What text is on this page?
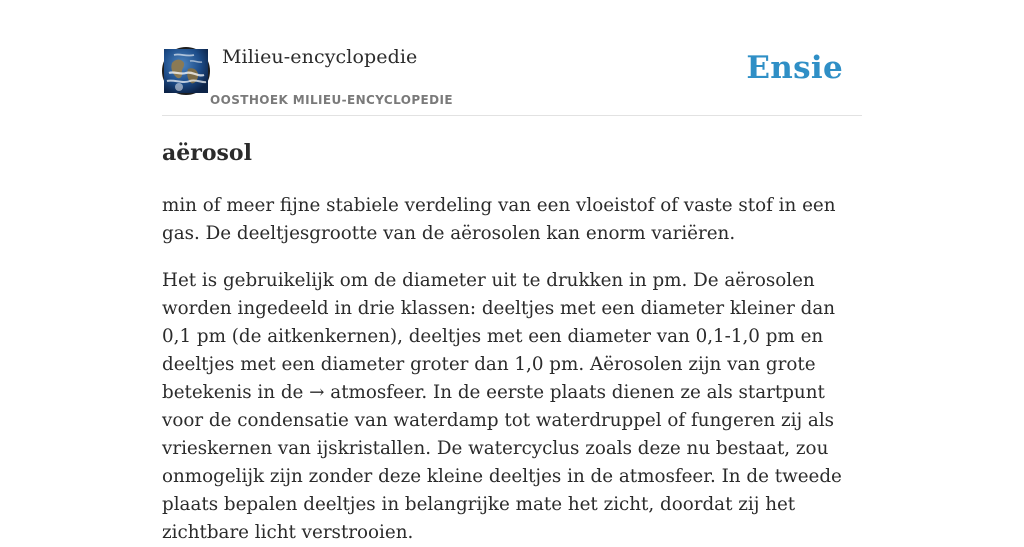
Milieu-encyclopedie
OOSTHOEK MILIEU-ENCYCLOPEDIE
Ensie
aërosol

min of meer fijne stabiele verdeling van een vloeistof of vaste stof in een gas. De deeltjesgrootte van de aërosolen kan enorm variëren.

Het is gebruikelijk om de diameter uit te drukken in pm. De aërosolen worden ingedeeld in drie klassen: deeltjes met een diameter kleiner dan 0,1 pm (de aitkenkernen), deeltjes met een diameter van 0,1-1,0 pm en deeltjes met een diameter groter dan 1,0 pm. Aërosolen zijn van grote betekenis in de → atmosfeer. In de eerste plaats dienen ze als startpunt voor de condensatie van waterdamp tot waterdruppel of fungeren zij als vrieskernen van ijskristallen. De watercyclus zoals deze nu bestaat, zou onmogelijk zijn zonder deze kleine deeltjes in de atmosfeer. In de tweede plaats bepalen deeltjes in belangrijke mate het zicht, doordat zij het zichtbare licht verstrooien.
